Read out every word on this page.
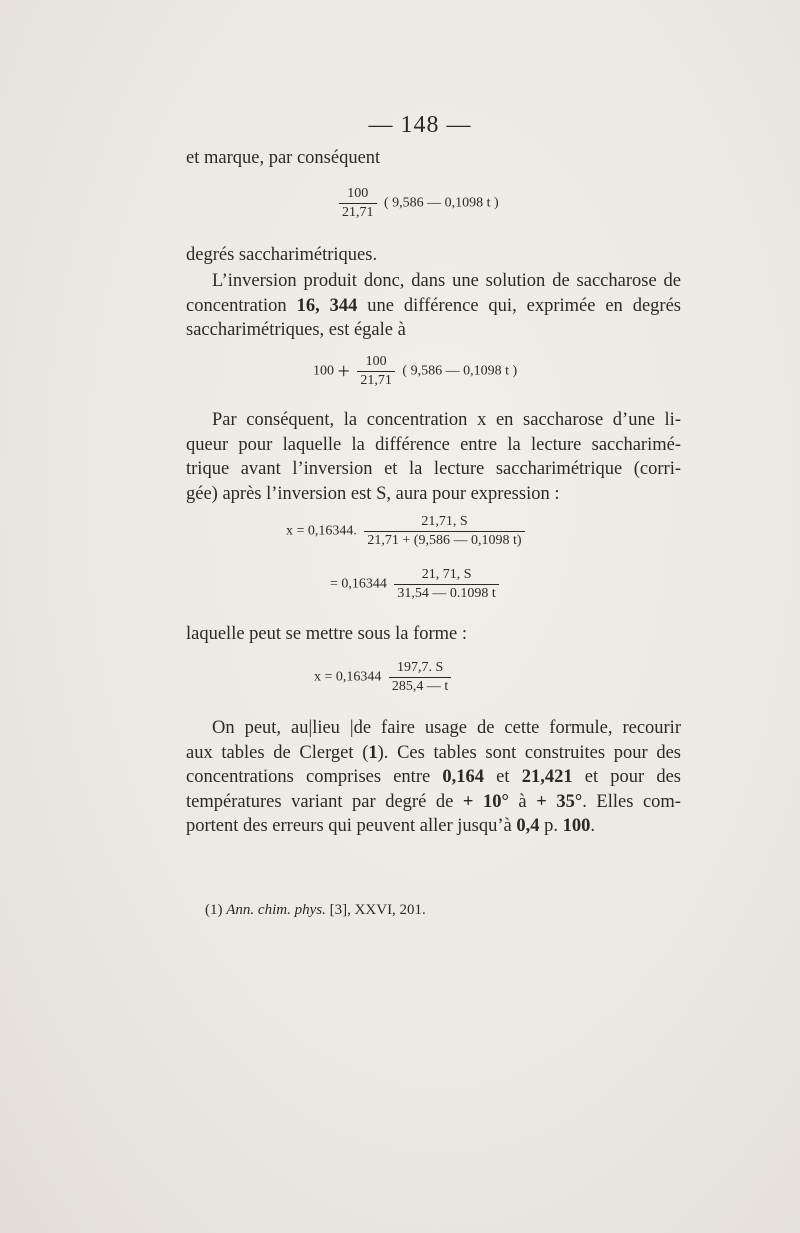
— 148 —

et marque, par conséquent

$\frac{100}{21,71}$ ( 9,586 — 0,1098 t )

degrés saccharimétriques.

L’inversion produit donc, dans une solution de saccharose de
concentration 16, 344 une différence qui, exprimée en degrés
saccharimétriques, est égale à

$100 + \frac{100}{21,71}$ ( 9,586 — 0,1098 t )

Par conséquent, la concentration x en saccharose d’une li-
queur pour laquelle la différence entre la lecture saccharimé-
trique avant l’inversion et la lecture saccharimétrique (corri-
gée) après l’inversion est S, aura pour expression :

x = 0,16344. $\frac{21,71, S}{21,71 + (9,586 — 0,1098 t)}$
= $0,16344 \frac{21, 71, S}{31,54 — 0.1098 t}$

laquelle peut se mettre sous la forme :

$x = 0,16344 \frac{197,7. S}{285,4 — t}$

On peut, au|lieu |de faire usage de cette formule, recourir
aux tables de Clerget (1). Ces tables sont construites pour des
concentrations comprises entre 0,164 et 21,421 et pour des
températures variant par degré de + 10° à + 35°. Elles com-
portent des erreurs qui peuvent aller jusqu’à 0,4 p. 100.

(1) Ann. chim. phys. [3], XXVI, 201.
